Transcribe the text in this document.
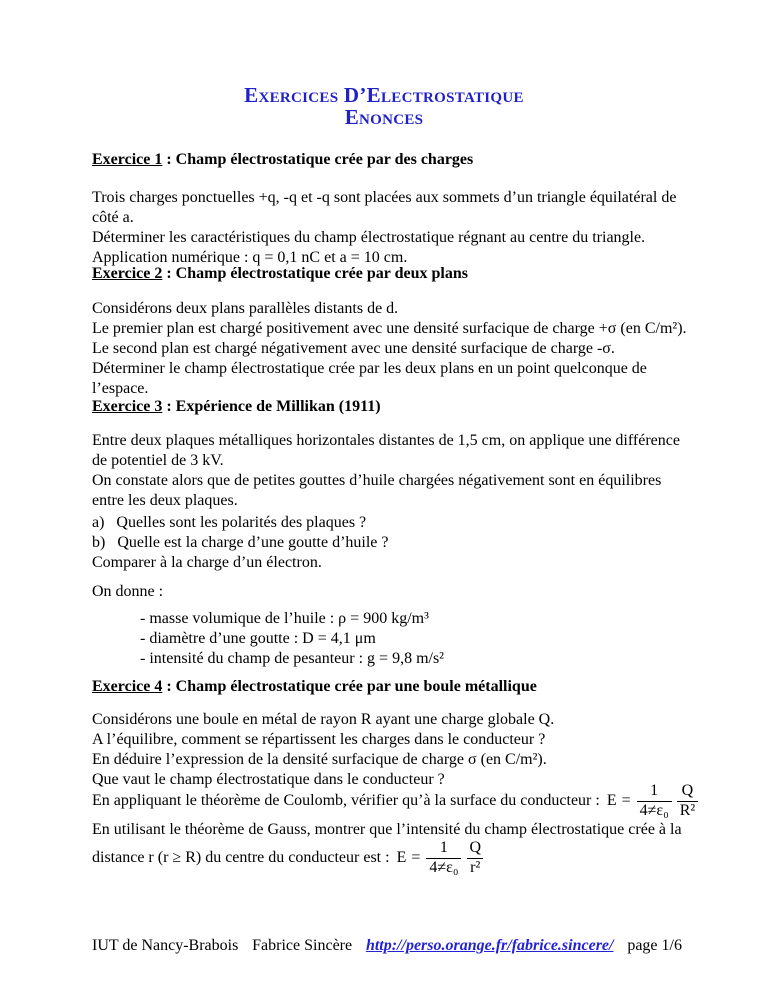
Exercices D’Electrostatique
Enonces
Exercice 1 : Champ électrostatique crée par des charges
Trois charges ponctuelles +q, -q et -q sont placées aux sommets d’un triangle équilatéral de
côté a.
Déterminer les caractéristiques du champ électrostatique régnant au centre du triangle.
Application numérique : q = 0,1 nC et a = 10 cm.
Exercice 2 : Champ électrostatique crée par deux plans
Considérons deux plans parallèles distants de d.
Le premier plan est chargé positivement avec une densité surfacique de charge +σ (en C/m²).
Le second plan est chargé négativement avec une densité surfacique de charge -σ.
Déterminer le champ électrostatique crée par les deux plans en un point quelconque de
l’espace.
Exercice 3 : Expérience de Millikan (1911)
Entre deux plaques métalliques horizontales distantes de 1,5 cm, on applique une différence
de potentiel de 3 kV.
On constate alors que de petites gouttes d’huile chargées négativement sont en équilibres
entre les deux plaques.
a)   Quelles sont les polarités des plaques ?
b)   Quelle est la charge d’une goutte d’huile ?
Comparer à la charge d’un électron.
On donne :
- masse volumique de l’huile : ρ = 900 kg/m³
- diamètre d’une goutte : D = 4,1 μm
- intensité du champ de pesanteur : g = 9,8 m/s²
Exercice 4 : Champ électrostatique crée par une boule métallique
Considérons une boule en métal de rayon R ayant une charge globale Q.
A l’équilibre, comment se répartissent les charges dans le conducteur ?
En déduire l’expression de la densité surfacique de charge σ (en C/m²).
Que vaut le champ électrostatique dans le conducteur ?
En appliquant le théorème de Coulomb, vérifier qu’à la surface du conducteur : $E = \frac{1}{\text{4≠ε₀}} \frac{Q}{\text{R²}}$
En utilisant le théorème de Gauss, montrer que l’intensité du champ électrostatique crée à la
distance r (r ≥ R) du centre du conducteur est : $E = \frac{1}{\text{4≠ε₀}} \frac{Q}{\text{r²}}$
IUT de Nancy-Brabois Fabrice Sincère http://perso.orange.fr/fabrice.sincere/ page 1/6
